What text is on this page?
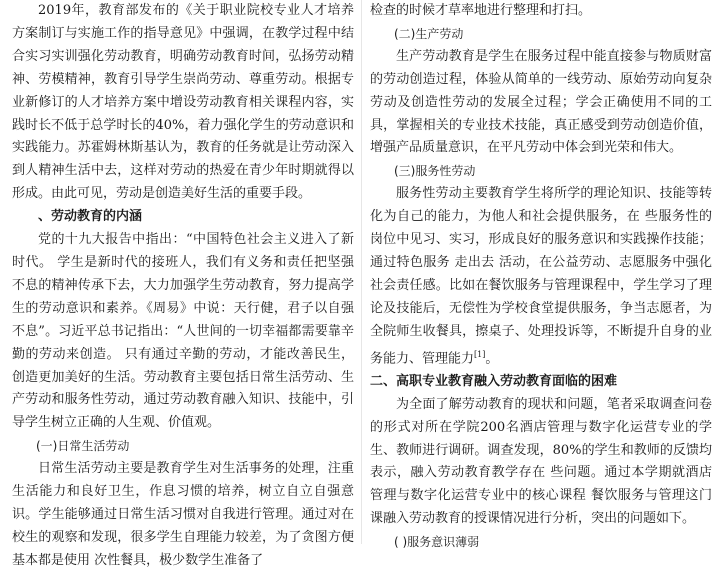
2019年，教育部发布的《关于职业院校专业人才培养方案制订与实施工作的指导意见》中强调，在教学过程中结合实习实训强化劳动教育，明确劳动教育时间，弘扬劳动精神、劳模精神，教育引导学生崇尚劳动、尊重劳动。根据专业新修订的人才培养方案中增设劳动教育相关课程内容，实践时长不低于总学时长的40%，着力强化学生的劳动意识和实践能力。苏霍姆林斯基认为，教育的任务就是让劳动深入到人精神生活中去，这样对劳动的热爱在青少年时期就得以形成。由此可见，劳动是创造美好生活的重要手段。

、劳动教育的内涵

党的十九大报告中指出：“中国特色社会主义进入了新时代。 学生是新时代的接班人，我们有义务和责任把坚强不息的精神传承下去，大力加强学生劳动教育，努力提高学生的劳动意识和素养。《周易》中说：天行健，君子以自强不息”。习近平总书记指出：“人世间的一切幸福都需要靠辛勤的劳动来创造。 只有通过辛勤的劳动，才能改善民生，创造更加美好的生活。劳动教育主要包括日常生活劳动、生产劳动和服务性劳动，通过劳动教育融入知识、技能中，引导学生树立正确的人生观、价值观。

(一)日常生活劳动

日常生活劳动主要是教育学生对生活事务的处理，注重生活能力和良好卫生，作息习惯的培养，树立自立自强意识。学生能够通过日常生活习惯对自我进行管理。通过对在校生的观察和发现，很多学生自理能力较差，为了贪图方便基本都是使用 次性餐具，极少数学生准备了

检查的时候才草率地进行整理和打扫。

(二)生产劳动

生产劳动教育是学生在服务过程中能直接参与物质财富的劳动创造过程，体验从简单的一线劳动、原始劳动向复杂劳动及创造性劳动的发展全过程；学会正确使用不同的工具，掌握相关的专业技术技能，真正感受到劳动创造价值，增强产品质量意识，在平凡劳动中体会到光荣和伟大。

(三)服务性劳动

服务性劳动主要教育学生将所学的理论知识、技能等转化为自己的能力，为他人和社会提供服务，在 些服务性的岗位中见习、实习，形成良好的服务意识和实践操作技能；通过特色服务 走出去 活动，在公益劳动、志愿服务中强化社会责任感。比如在餐饮服务与管理课程中，学生学习了理论及技能后，无偿性为学校食堂提供服务，争当志愿者，为全院师生收餐具，擦桌子、处理投诉等，不断提升自身的业务能力、管理能力[1]。

二、高职专业教育融入劳动教育面临的困难

为全面了解劳动教育的现状和问题，笔者采取调查问卷的形式对所在学院200名酒店管理与数字化运营专业的学生、教师进行调研。调查发现，80%的学生和教师的反馈均表示，融入劳动教育教学存在 些问题。通过本学期就酒店管理与数字化运营专业中的核心课程 餐饮服务与管理这门课融入劳动教育的授课情况进行分析，突出的问题如下。

( )服务意识薄弱
